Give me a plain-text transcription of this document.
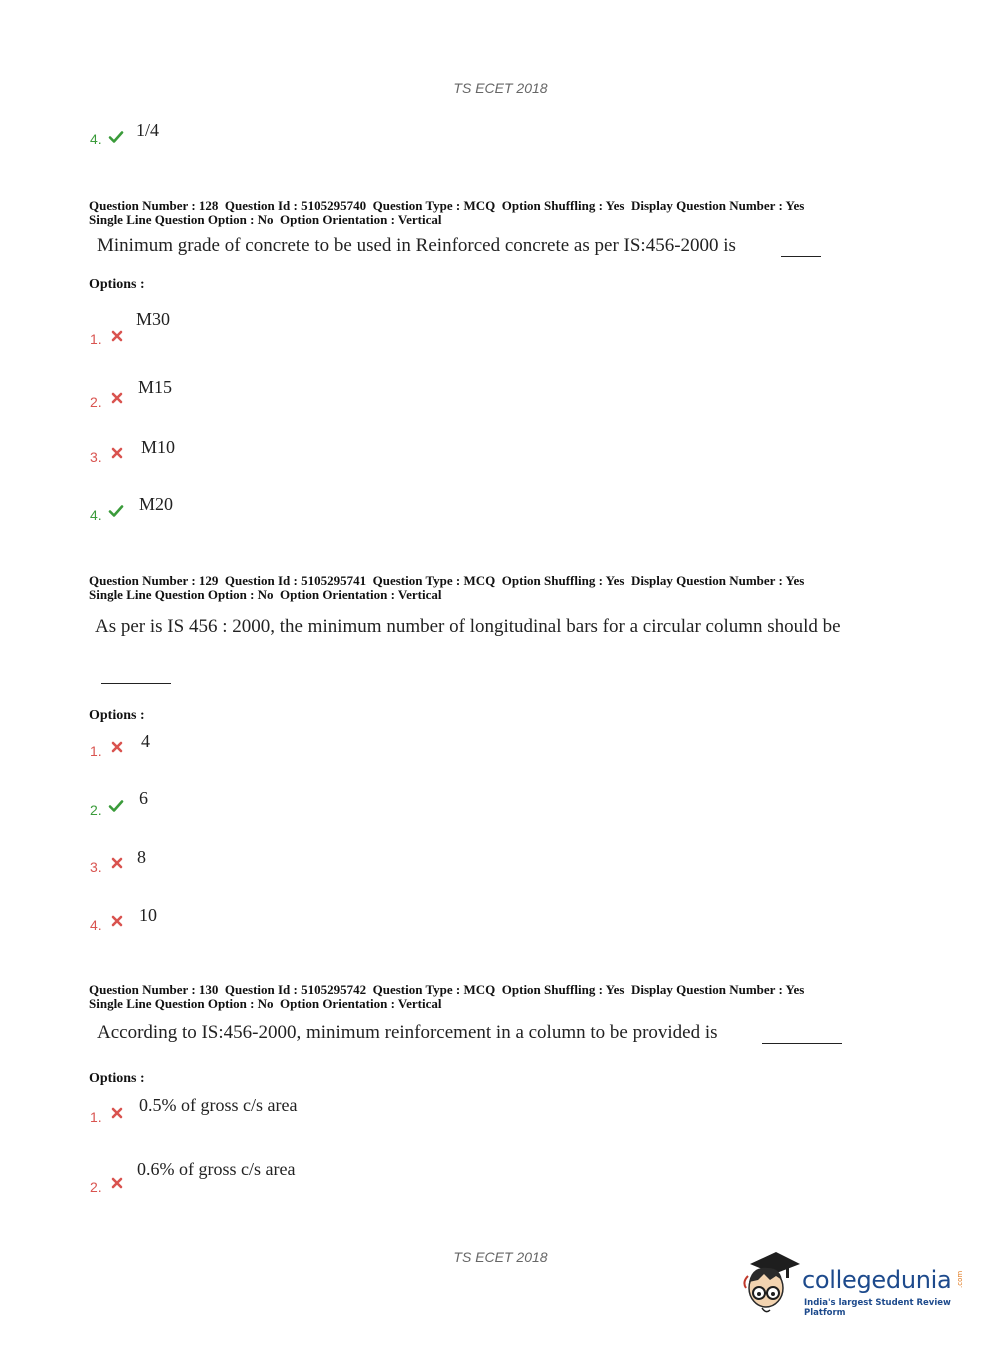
TS ECET 2018
4. 1/4
Question Number : 128  Question Id : 5105295740  Question Type : MCQ  Option Shuffling : Yes  Display Question Number : Yes
Single Line Question Option : No  Option Orientation : Vertical
Minimum grade of concrete to be used in Reinforced concrete as per IS:456-2000 is
Options :
1.
M30
2.
M15
3. M10
4.
M20
Question Number : 129  Question Id : 5105295741  Question Type : MCQ  Option Shuffling : Yes  Display Question Number : Yes
Single Line Question Option : No  Option Orientation : Vertical
As per is IS 456 : 2000, the minimum number of longitudinal bars for a circular column should be
Options :
1. 4
2.
6
3. 8
4. 10
Question Number : 130  Question Id : 5105295742  Question Type : MCQ  Option Shuffling : Yes  Display Question Number : Yes
Single Line Question Option : No  Option Orientation : Vertical
According to IS:456-2000, minimum reinforcement in a column to be provided is
Options :
1.
0.5% of gross c/s area
2.
0.6% of gross c/s area
TS ECET 2018
collegedunia .com
India's largest Student Review Platform
